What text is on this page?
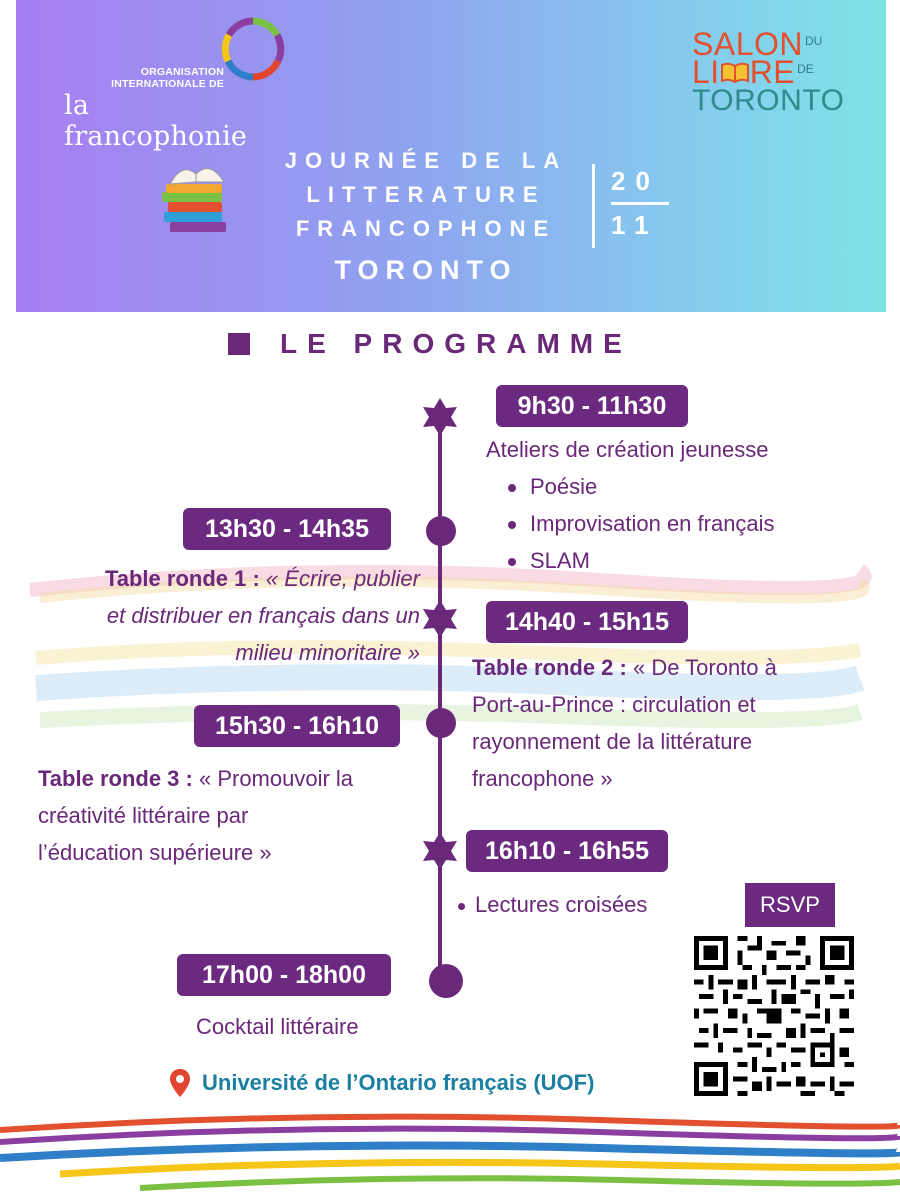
ORGANISATION
INTERNATIONALE DE
la francophonie
SALON $^{DU}$
LI RE $^{DE}$
TORONTO
JOURNÉE DE LA
LITTERATURE
FRANCOPHONE
TORONTO
20
11
LE PROGRAMME
9h30 - 11h30
Ateliers de création jeunesse
Poésie
Improvisation en français
SLAM
13h30 - 14h35
Table ronde 1 : « Écrire, publier
et distribuer en français dans un
milieu minoritaire »
14h40 - 15h15
Table ronde 2 : « De Toronto à
Port-au-Prince : circulation et
rayonnement de la littérature
francophone »
15h30 - 16h10
Table ronde 3 : « Promouvoir la
créativité littéraire par
l’éducation supérieure »	16h10 - 16h55
Lectures croisées
17h00 - 18h00
Cocktail littéraire
RSVP
Université de l’Ontario français (UOF)
